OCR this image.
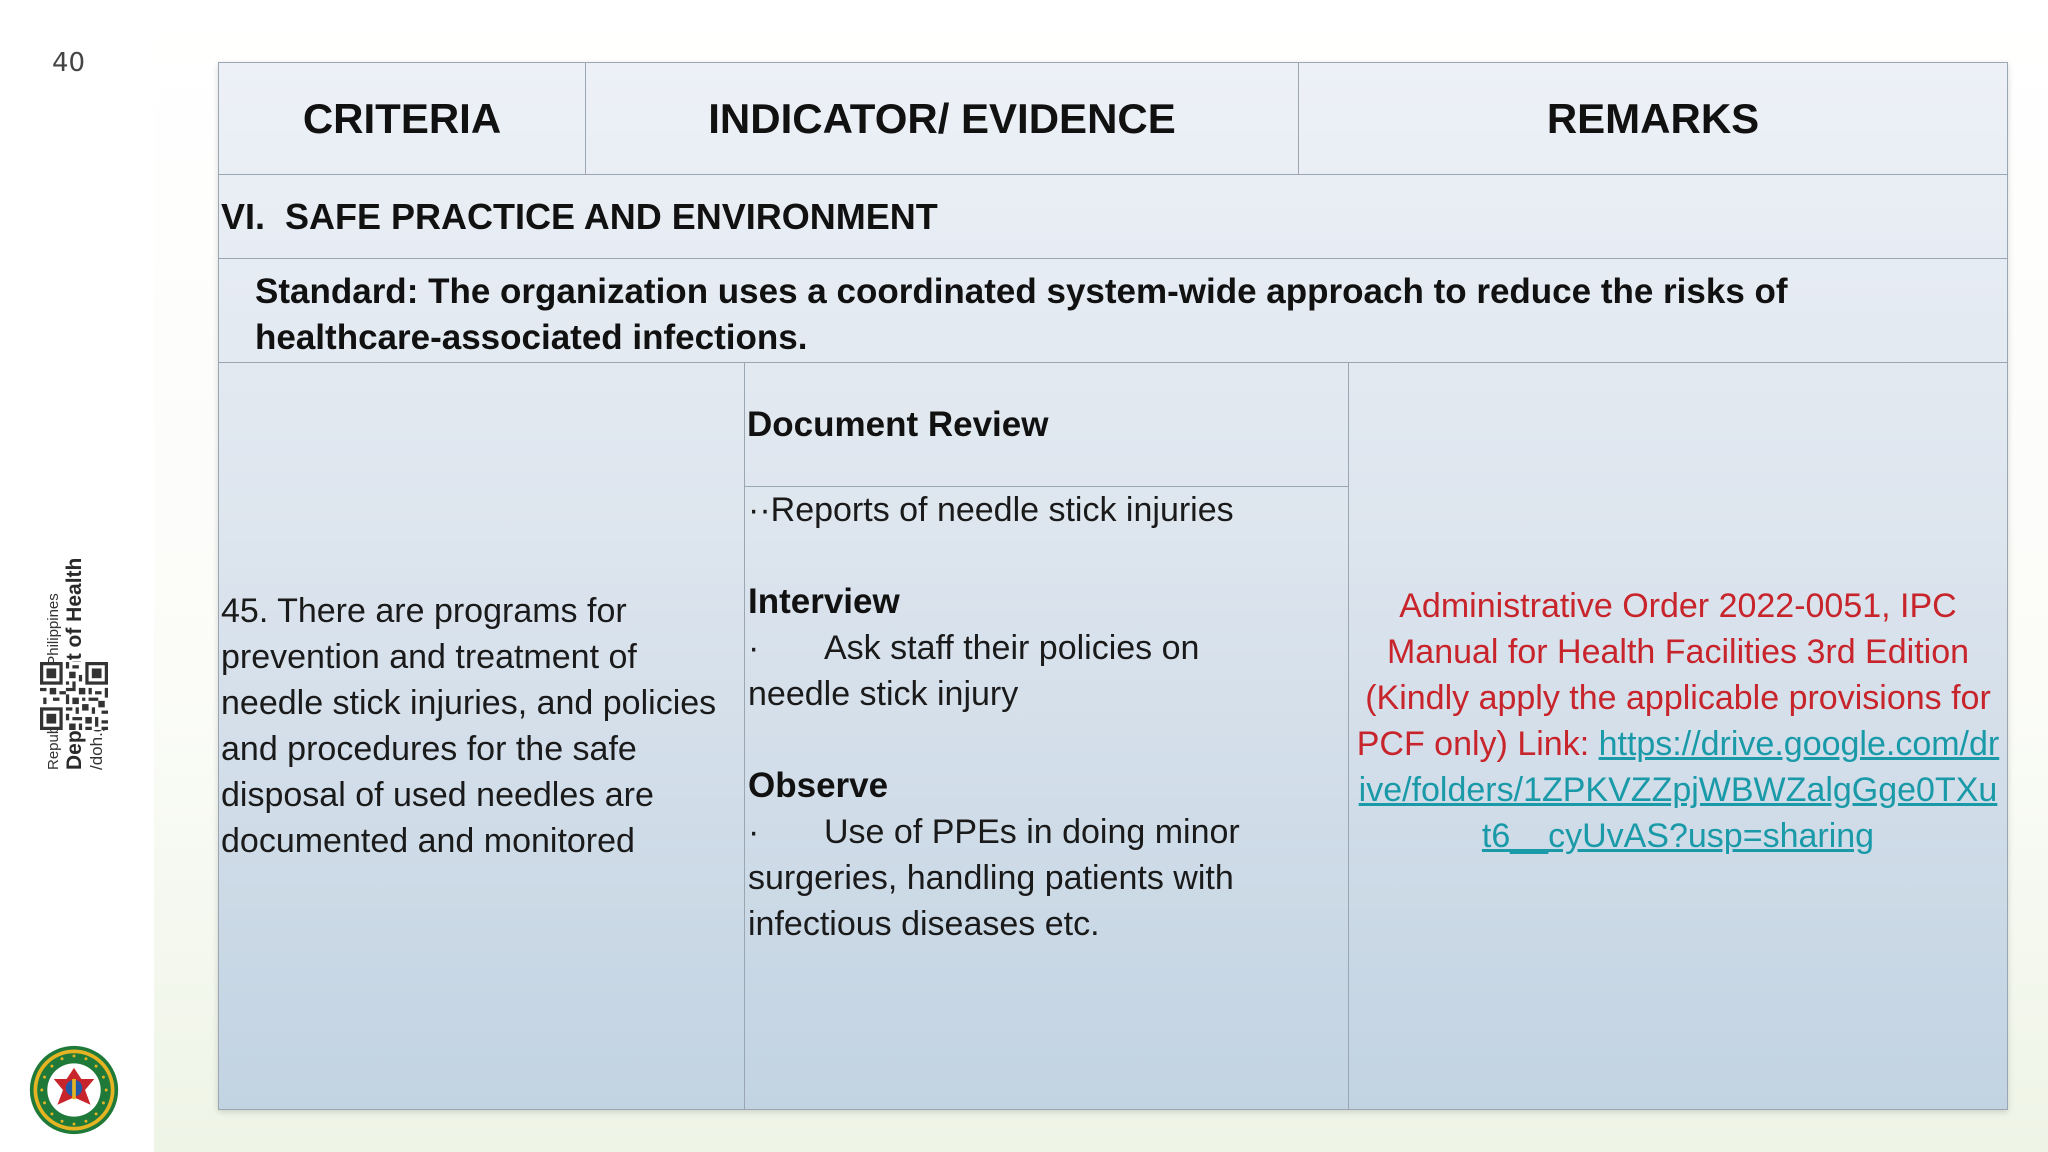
40
CRITERIA	INDICATOR/ EVIDENCE	REMARKS
VI.  SAFE PRACTICE AND ENVIRONMENT
Standard: The organization uses a coordinated system-wide approach to reduce the risks of healthcare-associated infections.
45. There are programs for prevention and treatment of needle stick injuries, and policies and procedures for the safe disposal of used needles are documented and monitored
Document Review
··Reports of needle stick injuries
Interview
· Ask staff their policies on
needle stick injury
Observe
· Use of PPEs in doing minor
surgeries, handling patients with infectious diseases etc.
Administrative Order 2022-0051, IPC Manual for Health Facilities 3rd Edition (Kindly apply the applicable provisions for PCF only) Link: https://drive.google.com/drive/folders/1ZPKVZZpjWBWZalgGge0TXut6__cyUvAS?usp=sharing
